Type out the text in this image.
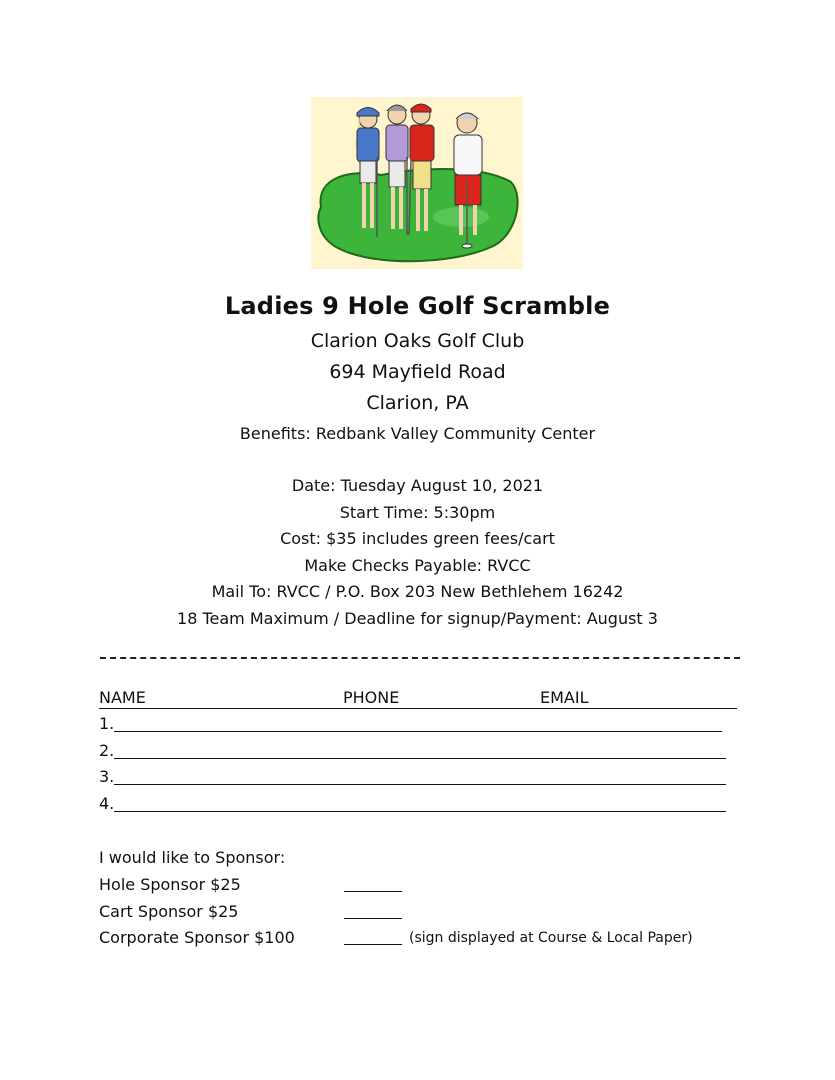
Ladies 9 Hole Golf Scramble
Clarion Oaks Golf Club
694 Mayfield Road
Clarion, PA
Benefits: Redbank Valley Community Center
Date: Tuesday August 10, 2021
Start Time: 5:30pm
Cost: $35 includes green fees/cart
Make Checks Payable: RVCC
Mail To: RVCC / P.O. Box 203 New Bethlehem 16242
18 Team Maximum / Deadline for signup/Payment: August 3
NAME	PHONE	EMAIL
1.
2.
3.
4.
I would like to Sponsor:
Hole Sponsor $25
Cart Sponsor $25
Corporate Sponsor $100	(sign displayed at Course & Local Paper)
